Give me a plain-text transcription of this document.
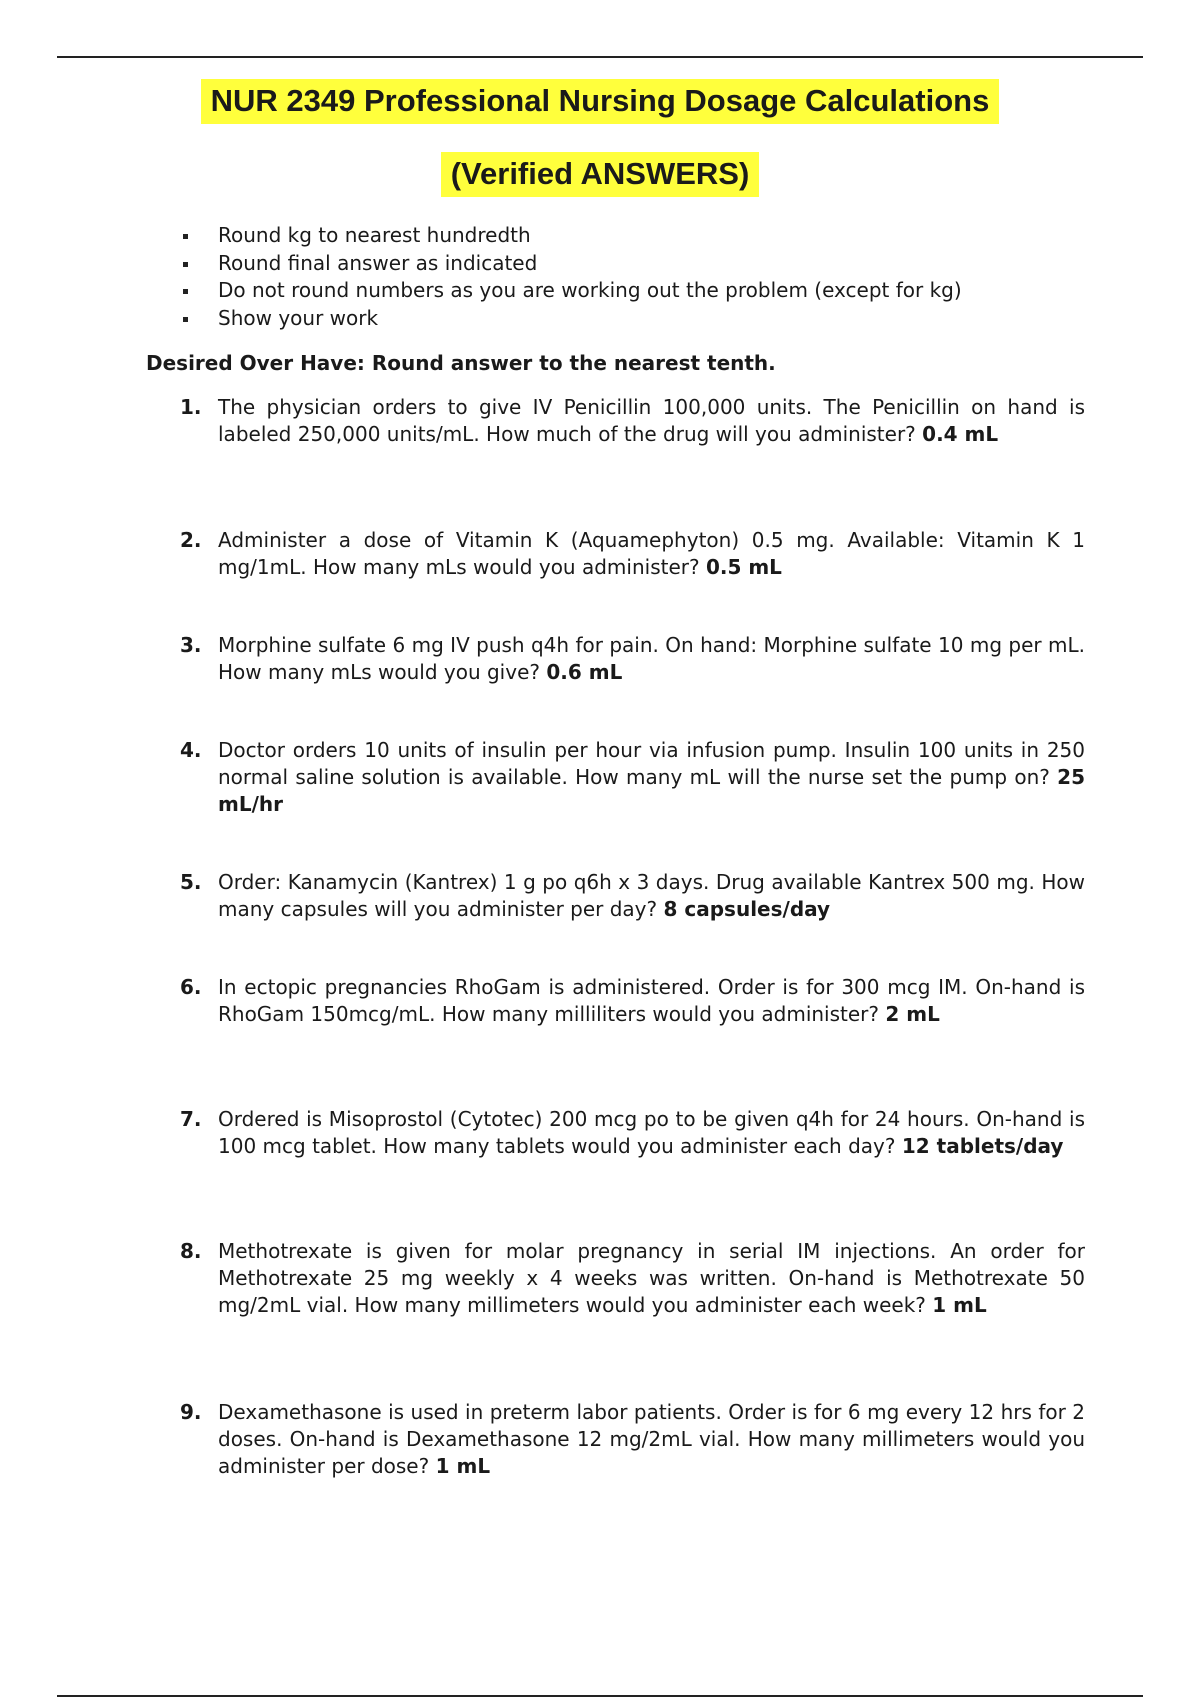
NUR 2349 Professional Nursing Dosage Calculations
(Verified ANSWERS)
Round kg to nearest hundredth
Round final answer as indicated
Do not round numbers as you are working out the problem (except for kg)
Show your work
Desired Over Have: Round answer to the nearest tenth.
1. The physician orders to give IV Penicillin 100,000 units. The Penicillin on hand is labeled 250,000 units/mL. How much of the drug will you administer? 0.4 mL
2. Administer a dose of Vitamin K (Aquamephyton) 0.5 mg. Available: Vitamin K 1 mg/1mL. How many mLs would you administer? 0.5 mL
3. Morphine sulfate 6 mg IV push q4h for pain. On hand: Morphine sulfate 10 mg per mL. How many mLs would you give? 0.6 mL
4. Doctor orders 10 units of insulin per hour via infusion pump. Insulin 100 units in 250 normal saline solution is available. How many mL will the nurse set the pump on? 25 mL/hr
5. Order: Kanamycin (Kantrex) 1 g po q6h x 3 days. Drug available Kantrex 500 mg. How many capsules will you administer per day? 8 capsules/day
6. In ectopic pregnancies RhoGam is administered. Order is for 300 mcg IM. On-hand is RhoGam 150mcg/mL. How many milliliters would you administer? 2 mL
7. Ordered is Misoprostol (Cytotec) 200 mcg po to be given q4h for 24 hours. On-hand is 100 mcg tablet. How many tablets would you administer each day? 12 tablets/day
8. Methotrexate is given for molar pregnancy in serial IM injections. An order for Methotrexate 25 mg weekly x 4 weeks was written. On-hand is Methotrexate 50 mg/2mL vial. How many millimeters would you administer each week? 1 mL
9. Dexamethasone is used in preterm labor patients. Order is for 6 mg every 12 hrs for 2 doses. On-hand is Dexamethasone 12 mg/2mL vial. How many millimeters would you administer per dose? 1 mL
